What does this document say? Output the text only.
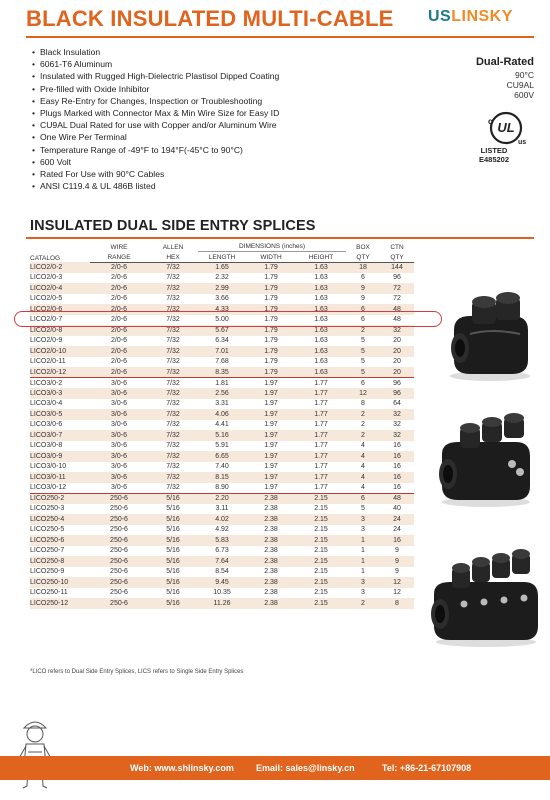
BLACK INSULATED MULTI-CABLE USLINSKY
• Black Insulation
• 6061-T6 Aluminum
• Insulated with Rugged High-Dielectric Plastisol Dipped Coating
• Pre-filled with Oxide Inhibitor
• Easy Re-Entry for Changes, Inspection or Troubleshooting
• Plugs Marked with Connector Max & Min Wire Size for Easy ID
• CU9AL Dual Rated for use with Copper and/or Aluminum Wire
• One Wire Per Terminal
• Temperature Range of -49°F to 194°F(-45°C to 90°C)
• 600 Volt
• Rated For Use with 90°C Cables
• ANSI C119.4 & UL 486B listed
Dual-Rated
90°C
CU9AL
600V
c UL
us
LISTED
E485202
INSULATED DUAL SIDE ENTRY SPLICES
CATALOG	WIRE	ALLEN	DIMENSIONS (inches)			BOX	CTN
	RANGE	HEX	LENGTH	WIDTH	HEIGHT	QTY	QTY
LICO2/0-2	2/0-6	7/32	1.65	1.79	1.63	18	144
LICO2/0-3	2/0-6	7/32	2.32	1.79	1.63	6	96
LICO2/0-4	2/0-6	7/32	2.99	1.79	1.63	9	72
LICO2/0-5	2/0-6	7/32	3.66	1.79	1.63	9	72
LICO2/0-6	2/0-6	7/32	4.33	1.79	1.63	6	48
LICO2/0-7	2/0-6	7/32	5.00	1.79	1.63	6	48
LICO2/0-8	2/0-6	7/32	5.67	1.79	1.63	2	32
LICO2/0-9	2/0-6	7/32	6.34	1.79	1.63	5	20
LICO2/0-10	2/0-6	7/32	7.01	1.79	1.63	5	20
LICO2/0-11	2/0-6	7/32	7.68	1.79	1.63	5	20
LICO2/0-12	2/0-6	7/32	8.35	1.79	1.63	5	20
LICO3/0-2	3/0-6	7/32	1.81	1.97	1.77	6	96
LICO3/0-3	3/0-6	7/32	2.56	1.97	1.77	12	96
LICO3/0-4	3/0-6	7/32	3.31	1.97	1.77	8	64
LICO3/0-5	3/0-6	7/32	4.06	1.97	1.77	2	32
LICO3/0-6	3/0-6	7/32	4.41	1.97	1.77	2	32
LICO3/0-7	3/0-6	7/32	5.16	1.97	1.77	2	32
LICO3/0-8	3/0-6	7/32	5.91	1.97	1.77	4	16
LICO3/0-9	3/0-6	7/32	6.65	1.97	1.77	4	16
LICO3/0-10	3/0-6	7/32	7.40	1.97	1.77	4	16
LICO3/0-11	3/0-6	7/32	8.15	1.97	1.77	4	16
LICO3/0-12	3/0-6	7/32	8.90	1.97	1.77	4	16
LICO250-2	250-6	5/16	2.20	2.38	2.15	6	48
LICO250-3	250-6	5/16	3.11	2.38	2.15	5	40
LICO250-4	250-6	5/16	4.02	2.38	2.15	3	24
LICO250-5	250-6	5/16	4.92	2.38	2.15	3	24
LICO250-6	250-6	5/16	5.83	2.38	2.15	1	16
LICO250-7	250-6	5/16	6.73	2.38	2.15	1	9
LICO250-8	250-6	5/16	7.64	2.38	2.15	1	9
LICO250-9	250-6	5/16	8.54	2.38	2.15	1	9
LICO250-10	250-6	5/16	9.45	2.38	2.15	3	12
LICO250-11	250-6	5/16	10.35	2.38	2.15	3	12
LICO250-12	250-6	5/16	11.26	2.38	2.15	2	8
*LICO refers to Dual Side Entry Splices, LICS refers to Single Side Entry Splices
Web: www.shlinsky.com Email: sales@linsky.cn	Tel: +86-21-67107908
